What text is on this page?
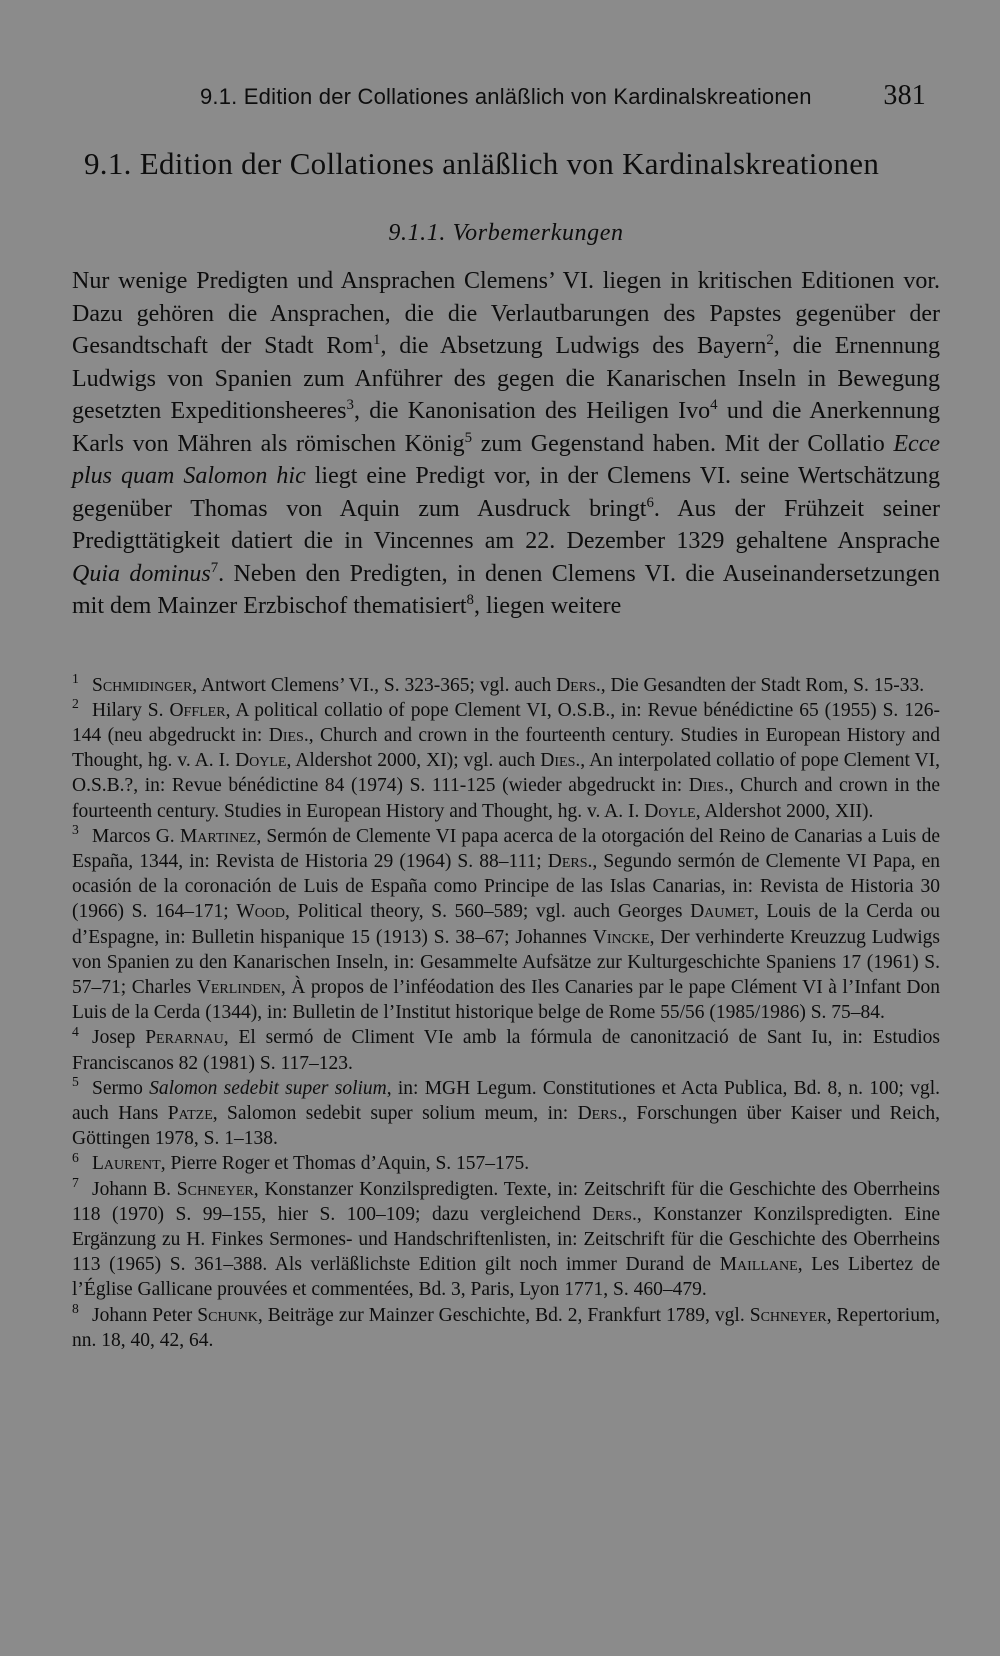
9.1. Edition der Collationes anläßlich von Kardinalskreationen	381
9.1. Edition der Collationes anläßlich von Kardinalskreationen
9.1.1. Vorbemerkungen

Nur wenige Predigten und Ansprachen Clemens’ VI. liegen in kritischen Editionen vor. Dazu gehören die Ansprachen, die die Verlautbarungen des Papstes gegenüber der Gesandtschaft der Stadt Rom$^1$, die Absetzung Ludwigs des Bayern$^2$, die Ernennung Ludwigs von Spanien zum Anführer des gegen die Kanarischen Inseln in Bewegung gesetzten Expeditionsheeres$^3$, die Kanonisation des Heiligen Ivo$^4$ und die Anerkennung Karls von Mähren als römischen König$^5$ zum Gegenstand haben. Mit der Collatio Ecce plus quam Salomon hic liegt eine Predigt vor, in der Clemens VI. seine Wertschätzung gegenüber Thomas von Aquin zum Ausdruck bringt$^6$. Aus der Frühzeit seiner Predigttätigkeit datiert die in Vincennes am 22. Dezember 1329 gehaltene Ansprache Quia dominus$^7$. Neben den Predigten, in denen Clemens VI. die Auseinandersetzungen mit dem Mainzer Erzbischof thematisiert$^8$, liegen weitere

1 Schmidinger, Antwort Clemens’ VI., S. 323-365; vgl. auch Ders., Die Gesandten der Stadt Rom, S. 15-33.

2 Hilary S. Offler, A political collatio of pope Clement VI, O.S.B., in: Revue bénédictine 65 (1955) S. 126-144 (neu abgedruckt in: Dies., Church and crown in the fourteenth century. Studies in European History and Thought, hg. v. A. I. Doyle, Aldershot 2000, XI); vgl. auch Dies., An interpolated collatio of pope Clement VI, O.S.B.?, in: Revue bénédictine 84 (1974) S. 111-125 (wieder abgedruckt in: Dies., Church and crown in the fourteenth century. Studies in European History and Thought, hg. v. A. I. Doyle, Aldershot 2000, XII).

3 Marcos G. Martinez, Sermón de Clemente VI papa acerca de la otorgación del Reino de Canarias a Luis de España, 1344, in: Revista de Historia 29 (1964) S. 88–111; Ders., Segundo sermón de Clemente VI Papa, en ocasión de la coronación de Luis de España como Principe de las Islas Canarias, in: Revista de Historia 30 (1966) S. 164–171; Wood, Political theory, S. 560–589; vgl. auch Georges Daumet, Louis de la Cerda ou d’Espagne, in: Bulletin hispanique 15 (1913) S. 38–67; Johannes Vincke, Der verhinderte Kreuzzug Ludwigs von Spanien zu den Kanarischen Inseln, in: Gesammelte Aufsätze zur Kulturgeschichte Spaniens 17 (1961) S. 57–71; Charles Verlinden, À propos de l’inféodation des Iles Canaries par le pape Clément VI à l’Infant Don Luis de la Cerda (1344), in: Bulletin de l’Institut historique belge de Rome 55/56 (1985/1986) S. 75–84.

4 Josep Perarnau, El sermó de Climent VIe amb la fórmula de canonització de Sant Iu, in: Estudios Franciscanos 82 (1981) S. 117–123.

5 Sermo Salomon sedebit super solium, in: MGH Legum. Constitutiones et Acta Publica, Bd. 8, n. 100; vgl. auch Hans Patze, Salomon sedebit super solium meum, in: Ders., Forschungen über Kaiser und Reich, Göttingen 1978, S. 1–138.

6 Laurent, Pierre Roger et Thomas d’Aquin, S. 157–175.

7 Johann B. Schneyer, Konstanzer Konzilspredigten. Texte, in: Zeitschrift für die Geschichte des Oberrheins 118 (1970) S. 99–155, hier S. 100–109; dazu vergleichend Ders., Konstanzer Konzilspredigten. Eine Ergänzung zu H. Finkes Sermones- und Handschriftenlisten, in: Zeitschrift für die Geschichte des Oberrheins 113 (1965) S. 361–388. Als verläßlichste Edition gilt noch immer Durand de Maillane, Les Libertez de l’Église Gallicane prouvées et commentées, Bd. 3, Paris, Lyon 1771, S. 460–479.

8 Johann Peter Schunk, Beiträge zur Mainzer Geschichte, Bd. 2, Frankfurt 1789, vgl. Schneyer, Repertorium, nn. 18, 40, 42, 64.
